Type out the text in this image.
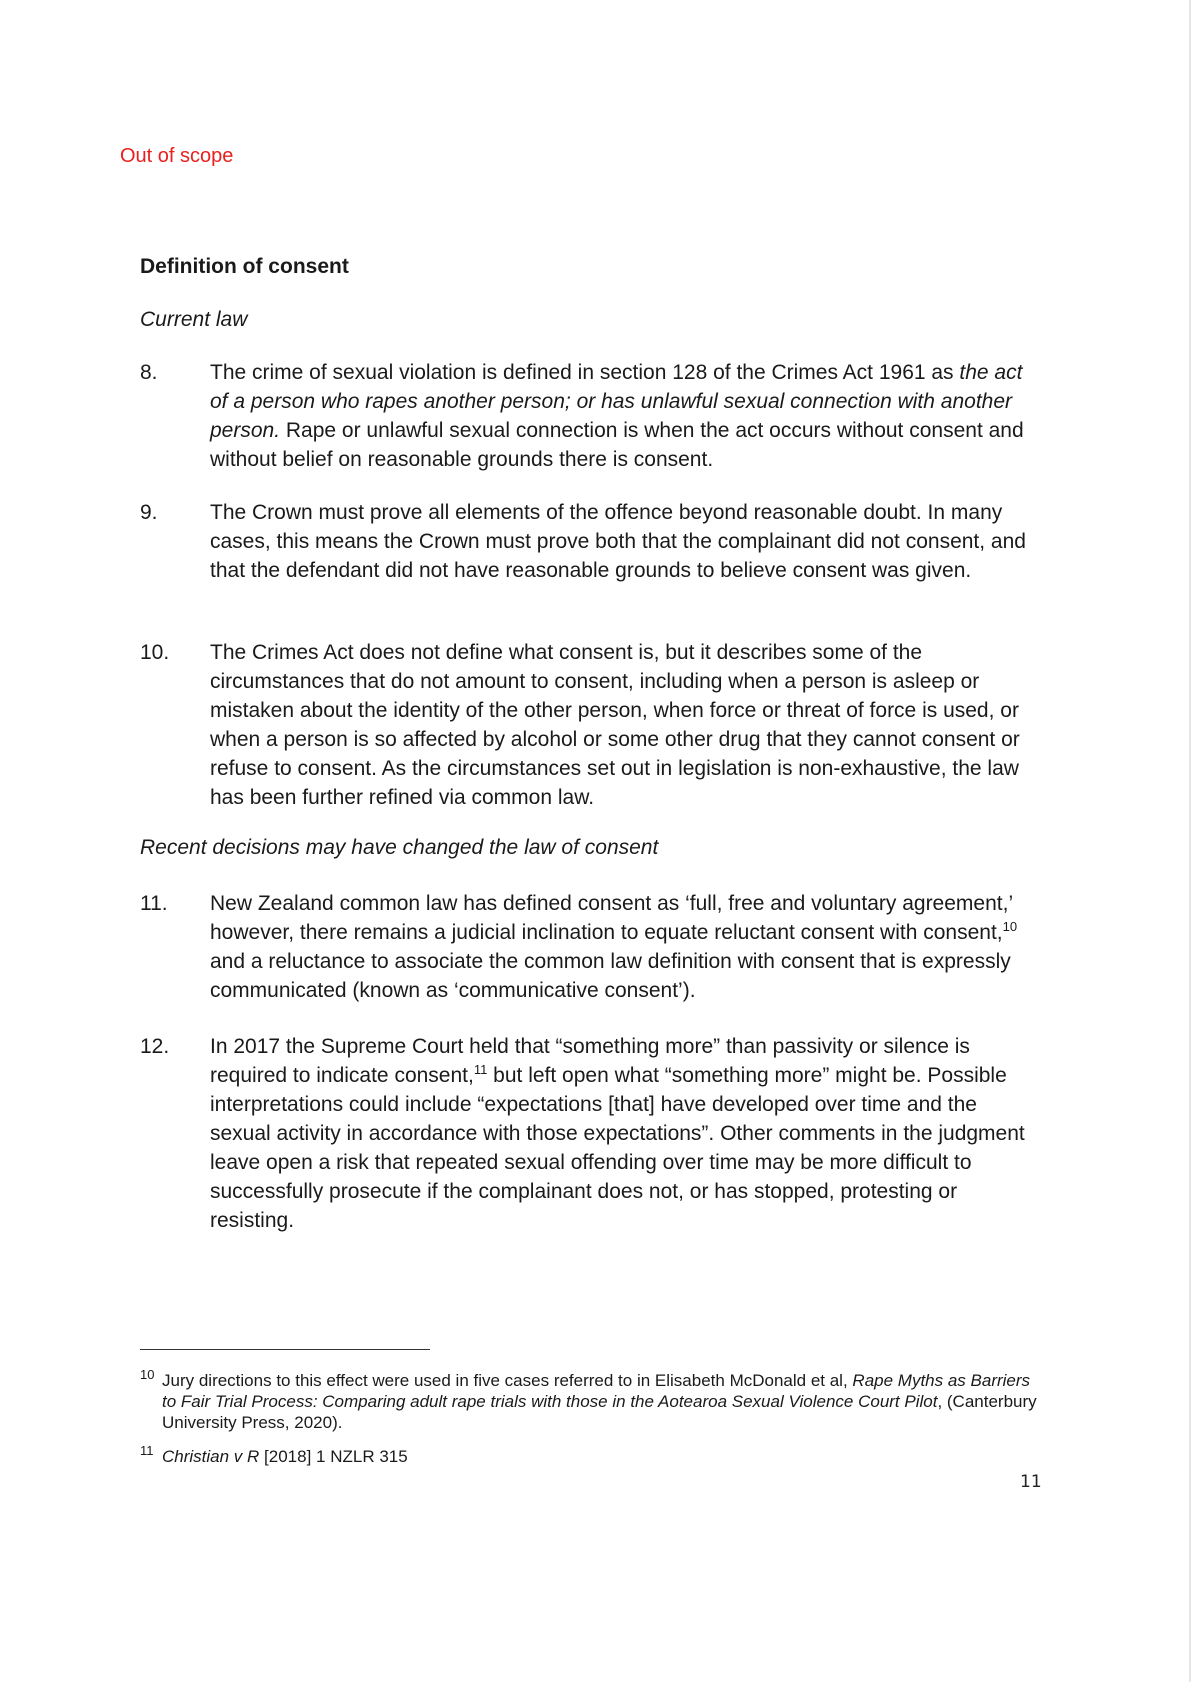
Out of scope
Definition of consent

Current law

8. The crime of sexual violation is defined in section 128 of the Crimes Act 1961 as the act of a person who rapes another person; or has unlawful sexual connection with another person. Rape or unlawful sexual connection is when the act occurs without consent and without belief on reasonable grounds there is consent.
9. The Crown must prove all elements of the offence beyond reasonable doubt. In many cases, this means the Crown must prove both that the complainant did not consent, and that the defendant did not have reasonable grounds to believe consent was given.
10. The Crimes Act does not define what consent is, but it describes some of the circumstances that do not amount to consent, including when a person is asleep or mistaken about the identity of the other person, when force or threat of force is used, or when a person is so affected by alcohol or some other drug that they cannot consent or refuse to consent. As the circumstances set out in legislation is non-exhaustive, the law has been further refined via common law.

Recent decisions may have changed the law of consent

11. New Zealand common law has defined consent as ‘full, free and voluntary agreement,’ however, there remains a judicial inclination to equate reluctant consent with consent,$^{10}$ and a reluctance to associate the common law definition with consent that is expressly communicated (known as ‘communicative consent’).
12. In 2017 the Supreme Court held that “something more” than passivity or silence is required to indicate consent,$^{11}$ but left open what “something more” might be. Possible interpretations could include “expectations [that] have developed over time and the sexual activity in accordance with those expectations”. Other comments in the judgment leave open a risk that repeated sexual offending over time may be more difficult to successfully prosecute if the complainant does not, or has stopped, protesting or resisting.
10 Jury directions to this effect were used in five cases referred to in Elisabeth McDonald et al, Rape Myths as Barriers to Fair Trial Process: Comparing adult rape trials with those in the Aotearoa Sexual Violence Court Pilot, (Canterbury University Press, 2020).
11 Christian v R [2018] 1 NZLR 315
11
